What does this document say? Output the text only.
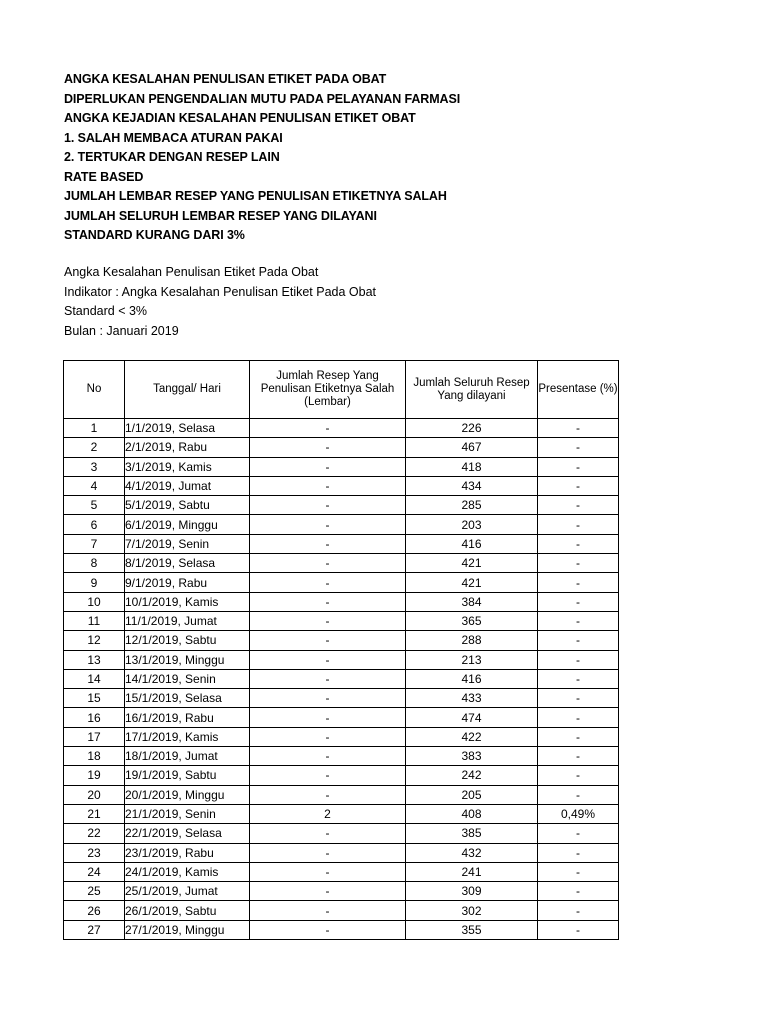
ANGKA KESALAHAN PENULISAN ETIKET PADA OBAT
DIPERLUKAN PENGENDALIAN MUTU PADA PELAYANAN FARMASI
ANGKA KEJADIAN KESALAHAN PENULISAN ETIKET OBAT
1. SALAH MEMBACA ATURAN PAKAI
2. TERTUKAR DENGAN RESEP LAIN
RATE BASED
JUMLAH LEMBAR RESEP YANG PENULISAN ETIKETNYA SALAH
JUMLAH SELURUH LEMBAR RESEP YANG DILAYANI
STANDARD KURANG DARI 3%
Angka Kesalahan Penulisan Etiket Pada Obat
Indikator : Angka Kesalahan Penulisan Etiket Pada Obat
Standard < 3%
Bulan : Januari 2019
No	Tanggal/ Hari	Jumlah Resep Yang Penulisan Etiketnya Salah (Lembar)	Jumlah Seluruh Resep Yang dilayani	Presentase (%)
1	1/1/2019, Selasa	-	226	-
2	2/1/2019, Rabu	-	467	-
3	3/1/2019, Kamis	-	418	-
4	4/1/2019, Jumat	-	434	-
5	5/1/2019, Sabtu	-	285	-
6	6/1/2019, Minggu	-	203	-
7	7/1/2019, Senin	-	416	-
8	8/1/2019, Selasa	-	421	-
9	9/1/2019, Rabu	-	421	-
10	10/1/2019, Kamis	-	384	-
11	11/1/2019, Jumat	-	365	-
12	12/1/2019, Sabtu	-	288	-
13	13/1/2019, Minggu	-	213	-
14	14/1/2019, Senin	-	416	-
15	15/1/2019, Selasa	-	433	-
16	16/1/2019, Rabu	-	474	-
17	17/1/2019, Kamis	-	422	-
18	18/1/2019, Jumat	-	383	-
19	19/1/2019, Sabtu	-	242	-
20	20/1/2019, Minggu	-	205	-
21	21/1/2019, Senin	2	408	0,49%
22	22/1/2019, Selasa	-	385	-
23	23/1/2019, Rabu	-	432	-
24	24/1/2019, Kamis	-	241	-
25	25/1/2019, Jumat	-	309	-
26	26/1/2019, Sabtu	-	302	-
27	27/1/2019, Minggu	-	355	-
